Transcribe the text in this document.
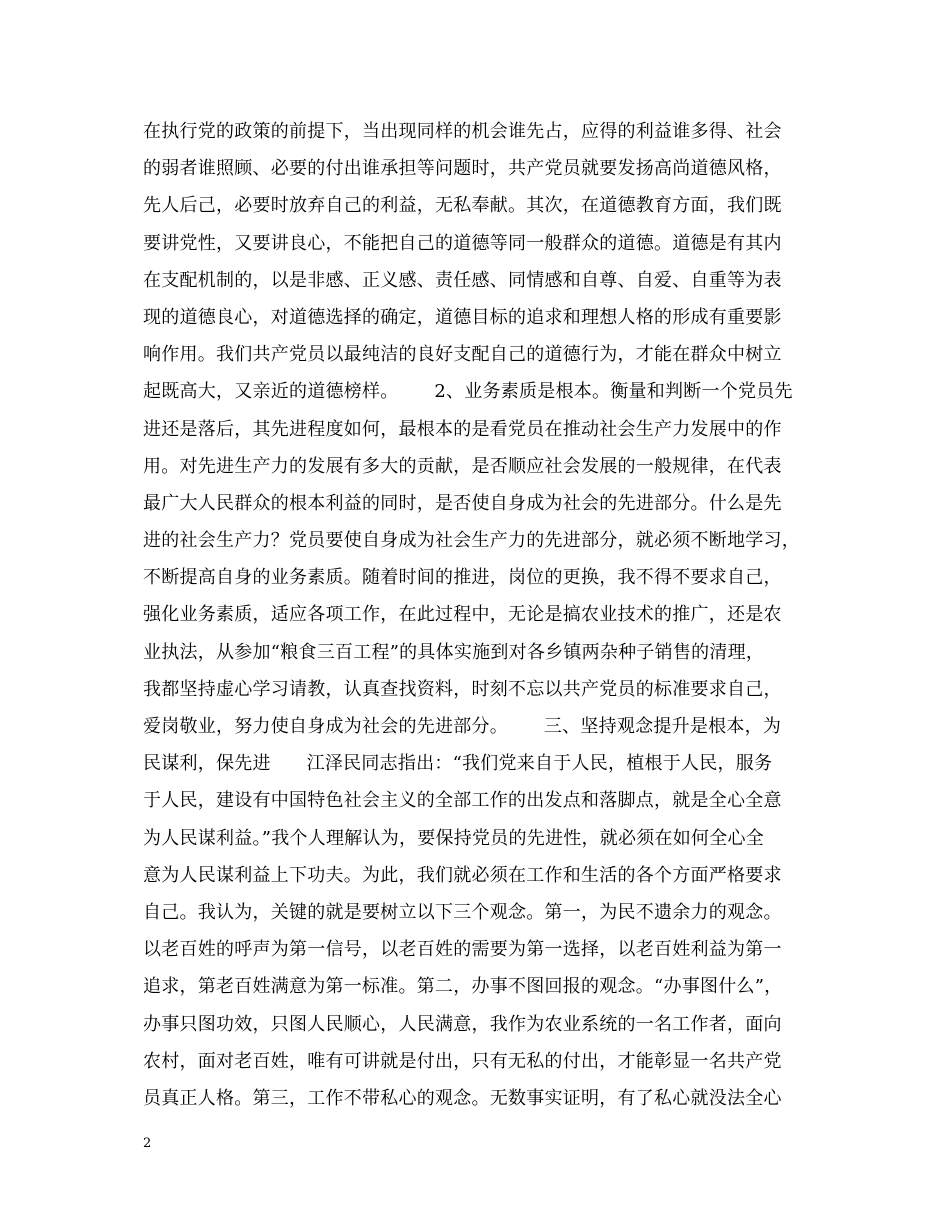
在执行党的政策的前提下，当出现同样的机会谁先占，应得的利益谁多得、社会
的弱者谁照顾、必要的付出谁承担等问题时，共产党员就要发扬高尚道德风格，
先人后己，必要时放弃自己的利益，无私奉献。其次，在道德教育方面，我们既
要讲党性，又要讲良心，不能把自己的道德等同一般群众的道德。道德是有其内
在支配机制的，以是非感、正义感、责任感、同情感和自尊、自爱、自重等为表
现的道德良心，对道德选择的确定，道德目标的追求和理想人格的形成有重要影
响作用。我们共产党员以最纯洁的良好支配自己的道德行为，才能在群众中树立
起既高大，又亲近的道德榜样。      2、业务素质是根本。衡量和判断一个党员先
进还是落后，其先进程度如何，最根本的是看党员在推动社会生产力发展中的作
用。对先进生产力的发展有多大的贡献，是否顺应社会发展的一般规律，在代表
最广大人民群众的根本利益的同时，是否使自身成为社会的先进部分。什么是先
进的社会生产力？党员要使自身成为社会生产力的先进部分，就必须不断地学习，
不断提高自身的业务素质。随着时间的推进，岗位的更换，我不得不要求自己，
强化业务素质，适应各项工作，在此过程中，无论是搞农业技术的推广，还是农
业执法，从参加“粮食三百工程”的具体实施到对各乡镇两杂种子销售的清理，
我都坚持虚心学习请教，认真查找资料，时刻不忘以共产党员的标准要求自己，
爱岗敬业，努力使自身成为社会的先进部分。      三、坚持观念提升是根本，为
民谋利，保先进      江泽民同志指出：“我们党来自于人民，植根于人民，服务
于人民，建设有中国特色社会主义的全部工作的出发点和落脚点，就是全心全意
为人民谋利益。”我个人理解认为，要保持党员的先进性，就必须在如何全心全
意为人民谋利益上下功夫。为此，我们就必须在工作和生活的各个方面严格要求
自己。我认为，关键的就是要树立以下三个观念。第一，为民不遗余力的观念。
以老百姓的呼声为第一信号，以老百姓的需要为第一选择，以老百姓利益为第一
追求，第老百姓满意为第一标准。第二，办事不图回报的观念。“办事图什么”，
办事只图功效，只图人民顺心，人民满意，我作为农业系统的一名工作者，面向
农村，面对老百姓，唯有可讲就是付出，只有无私的付出，才能彰显一名共产党
员真正人格。第三，工作不带私心的观念。无数事实证明，有了私心就没法全心
2
